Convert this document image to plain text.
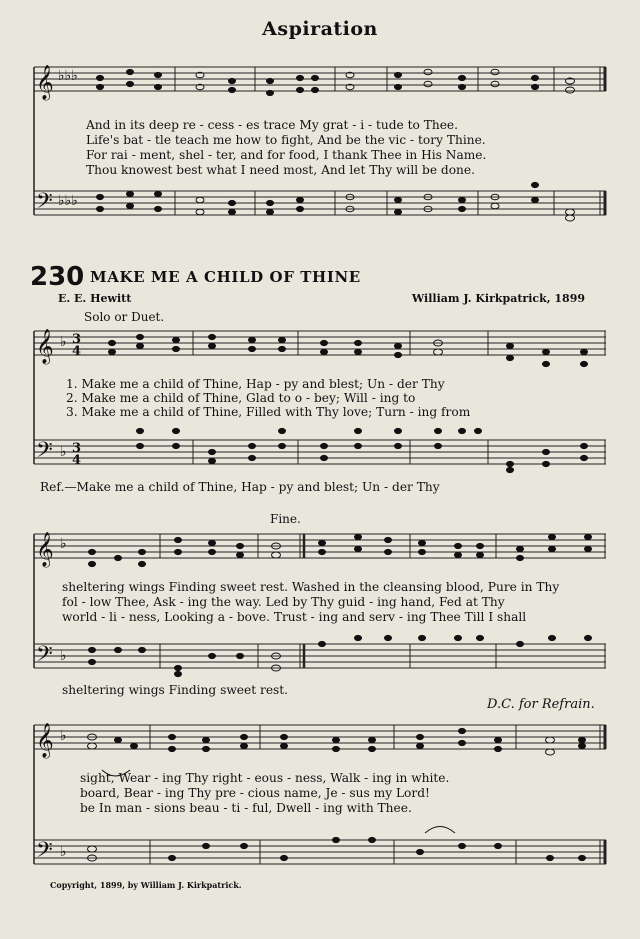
𝄞
𝄢
𝄞
𝄢
𝄞
𝄢
𝄞
𝄢
♭♭♭
♭♭♭
♭
♭
♭
♭
♭
♭
3
4
3
4
Aspiration
And in its deep re - cess - es trace My grat - i - tude to Thee.
Life's bat - tle teach me how to fight, And be the vic - tory Thine.
For rai - ment, shel - ter, and for food, I thank Thee in His Name.
Thou knowest best what I need most, And let Thy will be done.
230 MAKE ME A CHILD OF THINE
E. E. Hewitt	William J. Kirkpatrick, 1899
Solo or Duet.
1. Make me a child of Thine, Hap - py and blest; Un - der Thy
2. Make me a child of Thine, Glad to o - bey; Will - ing to
3. Make me a child of Thine, Filled with Thy love; Turn - ing from
Ref.—Make me a child of Thine, Hap - py and blest; Un - der Thy
Fine.
sheltering wings Finding sweet rest. Washed in the cleansing blood, Pure in Thy
fol - low Thee, Ask - ing the way. Led by Thy guid - ing hand, Fed at Thy
world - li - ness, Looking a - bove. Trust - ing and serv - ing Thee Till I shall
sheltering wings Finding sweet rest.
D.C. for Refrain.
sight, Wear - ing Thy right - eous - ness, Walk - ing in white.
board, Bear - ing Thy pre - cious name, Je - sus my Lord!
be In man - sions beau - ti - ful, Dwell - ing with Thee.
Copyright, 1899, by William J. Kirkpatrick.
